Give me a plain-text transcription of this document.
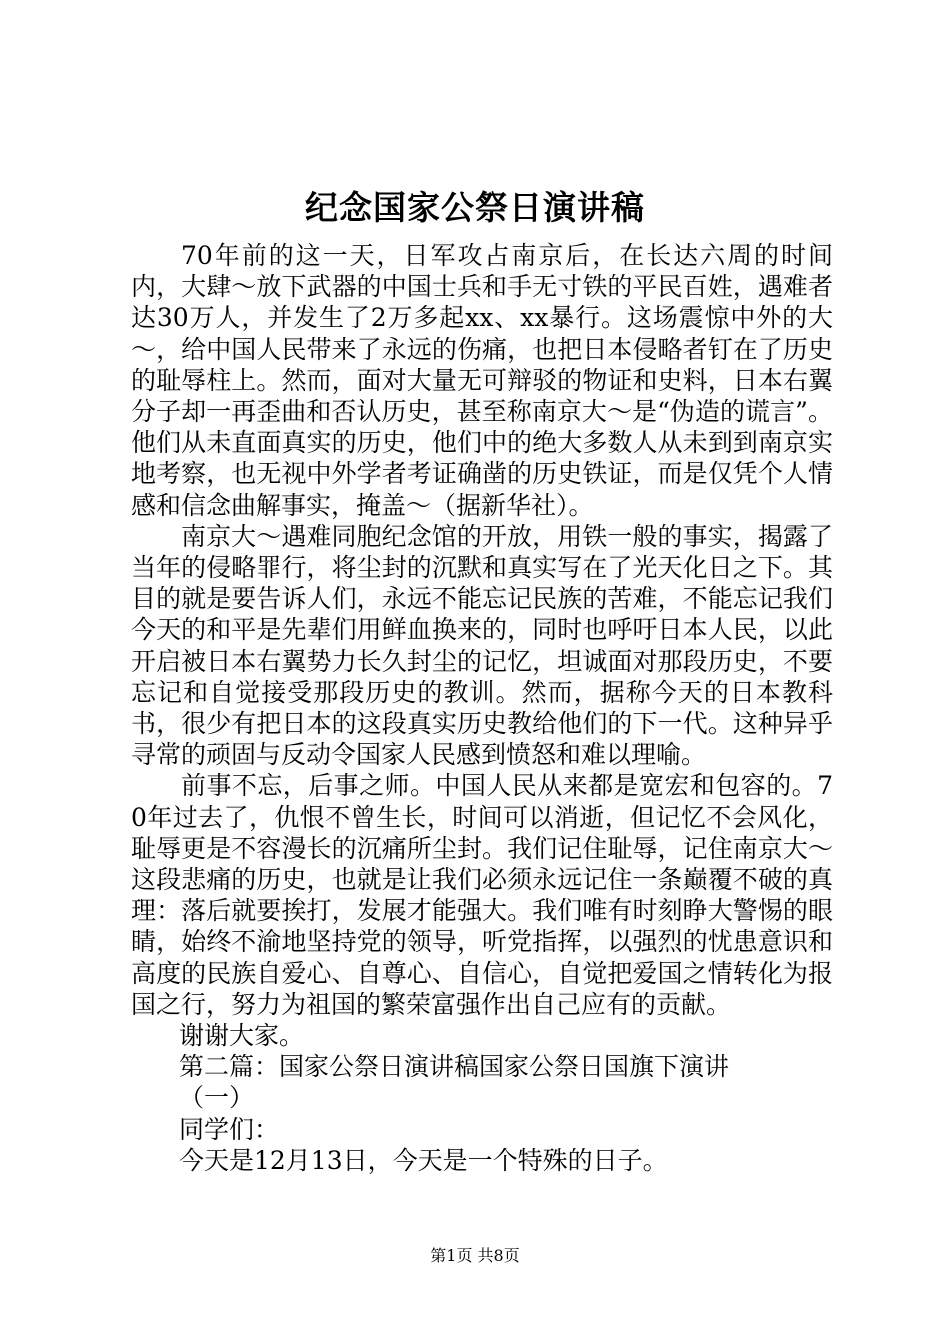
纪念国家公祭日演讲稿

70年前的这一天，日军攻占南京后，在长达六周的时间内，大肆～放下武器的中国士兵和手无寸铁的平民百姓，遇难者达30万人，并发生了2万多起xx、xx暴行。这场震惊中外的大～，给中国人民带来了永远的伤痛，也把日本侵略者钉在了历史的耻辱柱上。然而，面对大量无可辩驳的物证和史料，日本右翼分子却一再歪曲和否认历史，甚至称南京大～是“伪造的谎言”。他们从未直面真实的历史，他们中的绝大多数人从未到到南京实地考察，也无视中外学者考证确凿的历史铁证，而是仅凭个人情感和信念曲解事实，掩盖～（据新华社）。

南京大～遇难同胞纪念馆的开放，用铁一般的事实，揭露了当年的侵略罪行，将尘封的沉默和真实写在了光天化日之下。其目的就是要告诉人们，永远不能忘记民族的苦难，不能忘记我们今天的和平是先辈们用鲜血换来的，同时也呼吁日本人民，以此开启被日本右翼势力长久封尘的记忆，坦诚面对那段历史，不要忘记和自觉接受那段历史的教训。然而，据称今天的日本教科书，很少有把日本的这段真实历史教给他们的下一代。这种异乎寻常的顽固与反动令国家人民感到愤怒和难以理喻。

前事不忘，后事之师。中国人民从来都是宽宏和包容的。70年过去了，仇恨不曾生长，时间可以消逝，但记忆不会风化，耻辱更是不容漫长的沉痛所尘封。我们记住耻辱，记住南京大～这段悲痛的历史，也就是让我们必须永远记住一条巅覆不破的真理：落后就要挨打，发展才能强大。我们唯有时刻睁大警惕的眼睛，始终不渝地坚持党的领导，听党指挥，以强烈的忧患意识和高度的民族自爱心、自尊心、自信心，自觉把爱国之情转化为报国之行，努力为祖国的繁荣富强作出自己应有的贡献。

谢谢大家。

第二篇：国家公祭日演讲稿国家公祭日国旗下演讲

（一）

同学们：

今天是12月13日，今天是一个特殊的日子。

第1页 共8页
